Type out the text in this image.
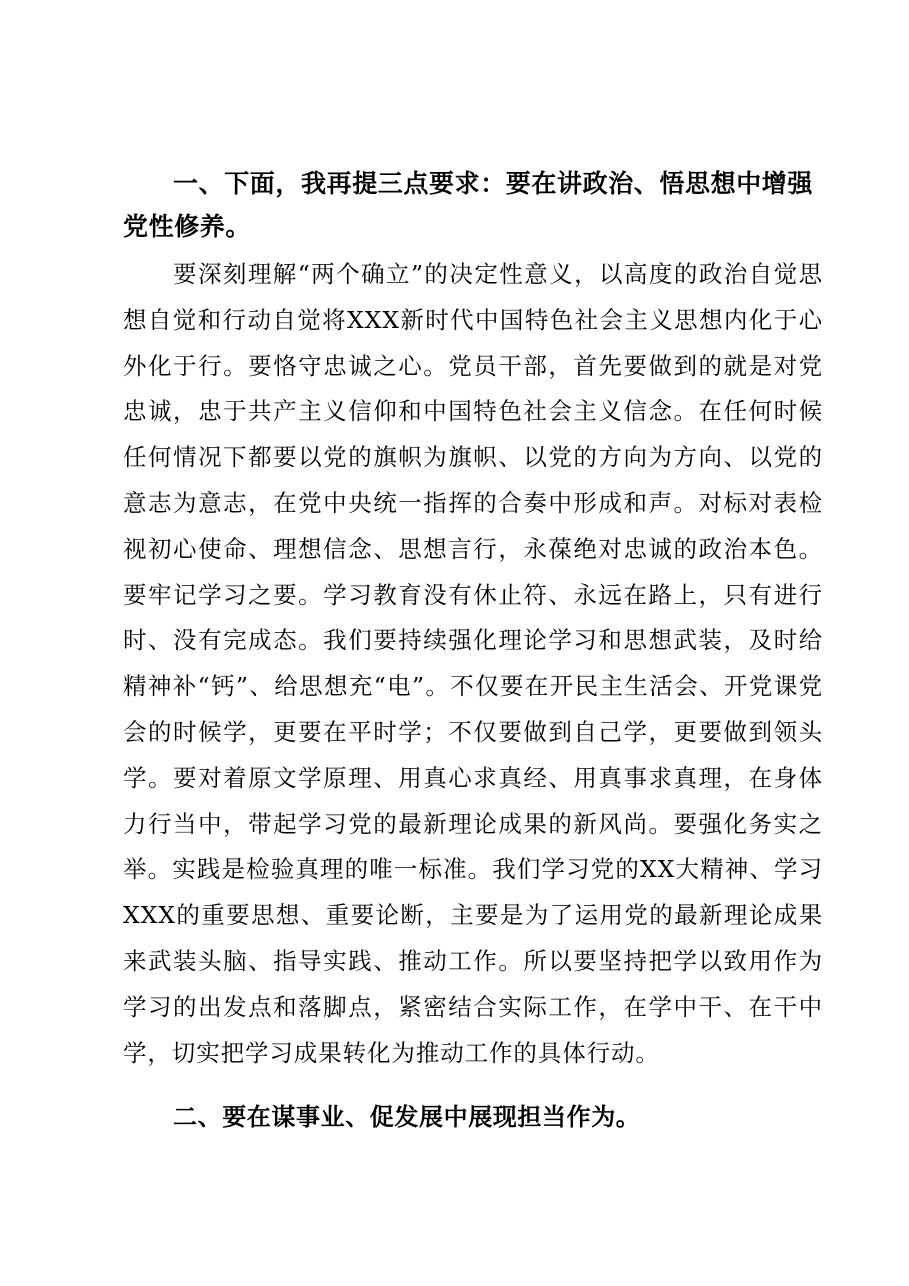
一、下面，我再提三点要求：要在讲政治、悟思想中增强党性修养。
要深刻理解“两个确立”的决定性意义，以高度的政治自觉思想自觉和行动自觉将XXX新时代中国特色社会主义思想内化于心外化于行。要恪守忠诚之心。党员干部，首先要做到的就是对党忠诚，忠于共产主义信仰和中国特色社会主义信念。在任何时候任何情况下都要以党的旗帜为旗帜、以党的方向为方向、以党的意志为意志，在党中央统一指挥的合奏中形成和声。对标对表检视初心使命、理想信念、思想言行，永葆绝对忠诚的政治本色。要牢记学习之要。学习教育没有休止符、永远在路上，只有进行时、没有完成态。我们要持续强化理论学习和思想武装，及时给精神补“钙”、给思想充“电”。不仅要在开民主生活会、开党课党会的时候学，更要在平时学；不仅要做到自己学，更要做到领头学。要对着原文学原理、用真心求真经、用真事求真理，在身体力行当中，带起学习党的最新理论成果的新风尚。要强化务实之举。实践是检验真理的唯一标准。我们学习党的XX大精神、学习XXX的重要思想、重要论断，主要是为了运用党的最新理论成果来武装头脑、指导实践、推动工作。所以要坚持把学以致用作为学习的出发点和落脚点，紧密结合实际工作，在学中干、在干中学，切实把学习成果转化为推动工作的具体行动。
二、要在谋事业、促发展中展现担当作为。
